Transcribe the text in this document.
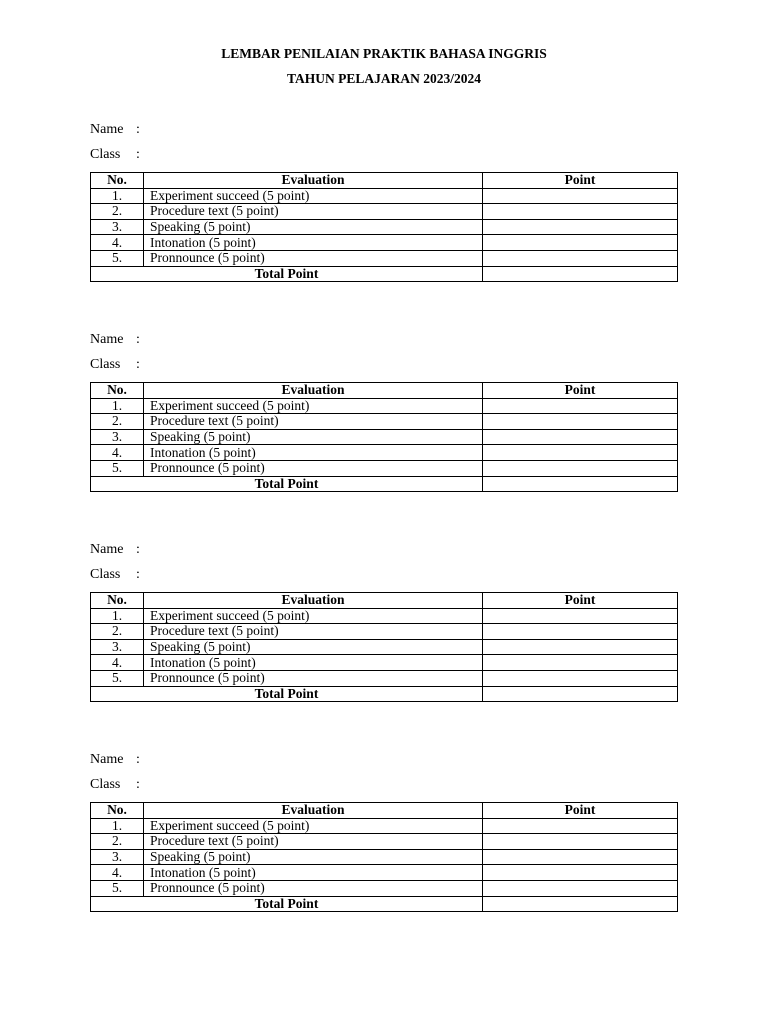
LEMBAR PENILAIAN PRAKTIK BAHASA INGGRIS
TAHUN PELAJARAN 2023/2024
Name :
Class :
No.	Evaluation	Point
1.	Experiment succeed (5 point)	
2.	Procedure text (5 point)	
3.	Speaking (5 point)	
4.	Intonation (5 point)	
5.	Pronnounce (5 point)	
Total Point		
Name :
Class :
No.	Evaluation	Point
1.	Experiment succeed (5 point)	
2.	Procedure text (5 point)	
3.	Speaking (5 point)	
4.	Intonation (5 point)	
5.	Pronnounce (5 point)	
Total Point		
Name :
Class :
No.	Evaluation	Point
1.	Experiment succeed (5 point)	
2.	Procedure text (5 point)	
3.	Speaking (5 point)	
4.	Intonation (5 point)	
5.	Pronnounce (5 point)	
Total Point		
Name :
Class :
No.	Evaluation	Point
1.	Experiment succeed (5 point)	
2.	Procedure text (5 point)	
3.	Speaking (5 point)	
4.	Intonation (5 point)	
5.	Pronnounce (5 point)	
Total Point		
